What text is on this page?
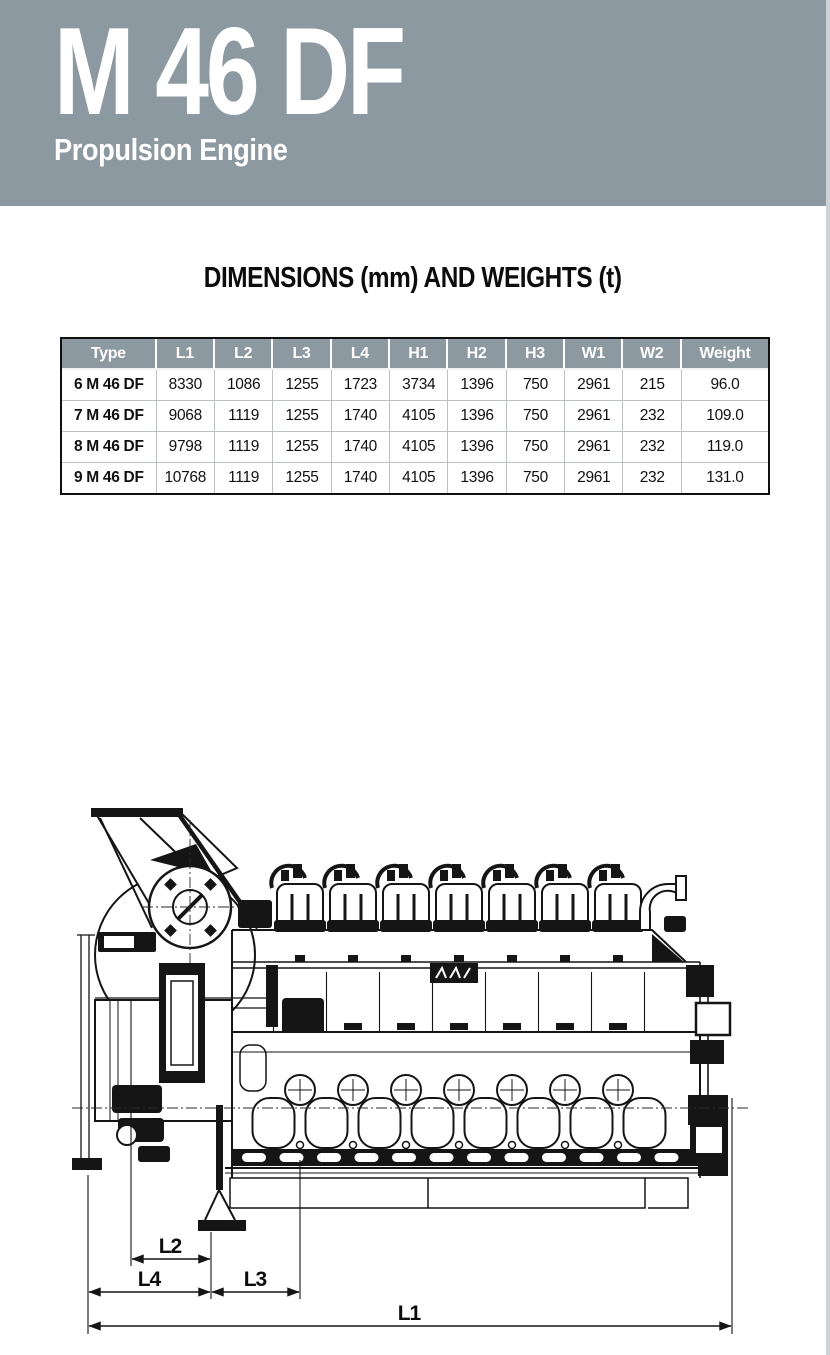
M 46 DF
Propulsion Engine
DIMENSIONS (mm) AND WEIGHTS (t)
Type	L1	L2	L3	L4	H1	H2	H3	W1	W2	Weight
6 M 46 DF	8330	1086	1255	1723	3734	1396	750	2961	215	96.0
7 M 46 DF	9068	1119	1255	1740	4105	1396	750	2961	232	109.0
8 M 46 DF	9798	1119	1255	1740	4105	1396	750	2961	232	119.0
9 M 46 DF	10768	1119	1255	1740	4105	1396	750	2961	232	131.0
L2
L4	L3
L1
